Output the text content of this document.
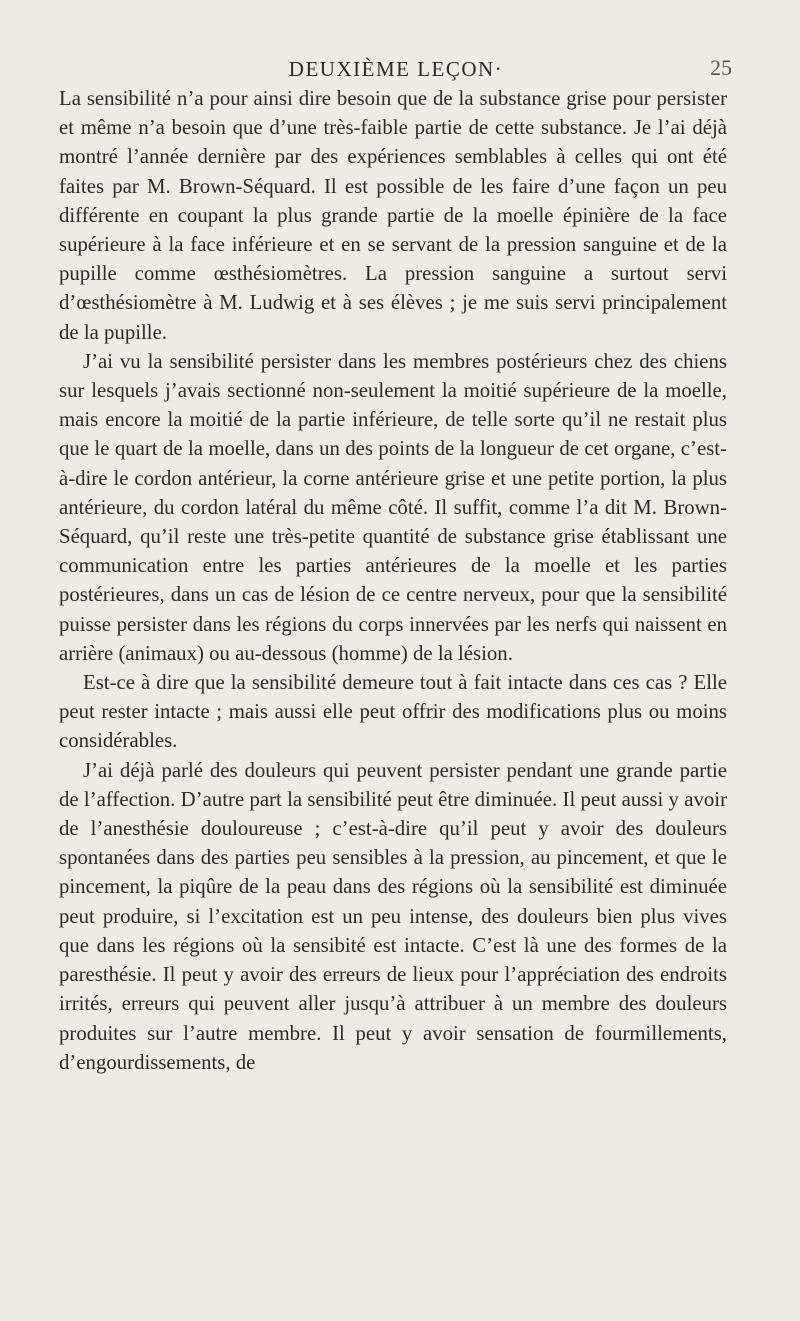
DEUXIÈME LEÇON·	25

La sensibilité n’a pour ainsi dire besoin que de la substance grise pour persister et même n’a besoin que d’une très-faible partie de cette substance. Je l’ai déjà montré l’année dernière par des expériences semblables à celles qui ont été faites par M. Brown-Séquard. Il est possible de les faire d’une façon un peu différente en coupant la plus grande partie de la moelle épinière de la face supérieure à la face inférieure et en se servant de la pression sanguine et de la pupille comme œsthésiomètres. La pression sanguine a surtout servi d’œsthésiomètre à M. Ludwig et à ses élèves ; je me suis servi principalement de la pupille.

J’ai vu la sensibilité persister dans les membres postérieurs chez des chiens sur lesquels j’avais sectionné non-seulement la moitié supérieure de la moelle, mais encore la moitié de la partie inférieure, de telle sorte qu’il ne restait plus que le quart de la moelle, dans un des points de la longueur de cet organe, c’est-à-dire le cordon antérieur, la corne antérieure grise et une petite portion, la plus antérieure, du cordon latéral du même côté. Il suffit, comme l’a dit M. Brown-Séquard, qu’il reste une très-petite quantité de substance grise établissant une communication entre les parties antérieures de la moelle et les parties postérieures, dans un cas de lésion de ce centre nerveux, pour que la sensibilité puisse persister dans les régions du corps innervées par les nerfs qui naissent en arrière (animaux) ou au-dessous (homme) de la lésion.

Est-ce à dire que la sensibilité demeure tout à fait intacte dans ces cas ? Elle peut rester intacte ; mais aussi elle peut offrir des modifications plus ou moins considérables.

J’ai déjà parlé des douleurs qui peuvent persister pendant une grande partie de l’affection. D’autre part la sensibilité peut être diminuée. Il peut aussi y avoir de l’anesthésie douloureuse ; c’est-à-dire qu’il peut y avoir des douleurs spontanées dans des parties peu sensibles à la pression, au pincement, et que le pincement, la piqûre de la peau dans des régions où la sensibilité est diminuée peut produire, si l’excitation est un peu intense, des douleurs bien plus vives que dans les régions où la sensibité est intacte. C’est là une des formes de la paresthésie. Il peut y avoir des erreurs de lieux pour l’appréciation des endroits irrités, erreurs qui peuvent aller jusqu’à attribuer à un membre des douleurs produites sur l’autre membre. Il peut y avoir sensation de fourmillements, d’engourdissements, de
